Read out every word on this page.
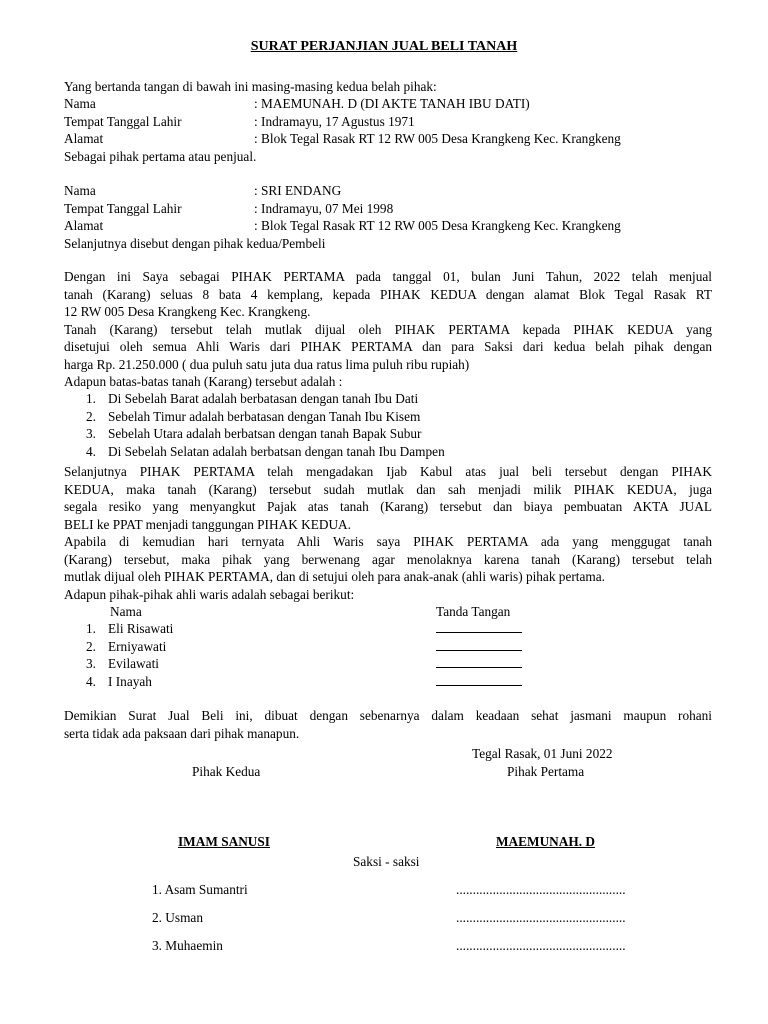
SURAT PERJANJIAN JUAL BELI TANAH
Yang bertanda tangan di bawah ini masing-masing kedua belah pihak:
Nama	: MAEMUNAH. D (DI AKTE TANAH IBU DATI)
Tempat Tanggal Lahir	: Indramayu, 17 Agustus 1971
Alamat	: Blok Tegal Rasak RT 12 RW 005 Desa Krangkeng Kec. Krangkeng
Sebagai pihak pertama atau penjual.
Nama	: SRI ENDANG
Tempat Tanggal Lahir	: Indramayu, 07 Mei 1998
Alamat	: Blok Tegal Rasak RT 12 RW 005 Desa Krangkeng Kec. Krangkeng
Selanjutnya disebut dengan pihak kedua/Pembeli
Dengan ini Saya sebagai PIHAK PERTAMA pada tanggal 01, bulan Juni Tahun, 2022 telah menjual
tanah (Karang) seluas 8 bata 4 kemplang, kepada PIHAK KEDUA dengan alamat Blok Tegal Rasak RT
12 RW 005 Desa Krangkeng Kec. Krangkeng.
Tanah (Karang) tersebut telah mutlak dijual oleh PIHAK PERTAMA kepada PIHAK KEDUA yang
disetujui oleh semua Ahli Waris dari PIHAK PERTAMA dan para Saksi dari kedua belah pihak dengan
harga Rp. 21.250.000 ( dua puluh satu juta dua ratus lima puluh ribu rupiah)
Adapun batas-batas tanah (Karang) tersebut adalah :
1. Di Sebelah Barat adalah berbatasan dengan tanah Ibu Dati
2. Sebelah Timur adalah berbatasan dengan Tanah Ibu Kisem
3. Sebelah Utara adalah berbatsan dengan tanah Bapak Subur
4. Di Sebelah Selatan adalah berbatsan dengan tanah Ibu Dampen
Selanjutnya PIHAK PERTAMA telah mengadakan Ijab Kabul atas jual beli tersebut dengan PIHAK
KEDUA, maka tanah (Karang) tersebut sudah mutlak dan sah menjadi milik PIHAK KEDUA, juga
segala resiko yang menyangkut Pajak atas tanah (Karang) tersebut dan biaya pembuatan AKTA JUAL
BELI ke PPAT menjadi tanggungan PIHAK KEDUA.
Apabila di kemudian hari ternyata Ahli Waris saya PIHAK PERTAMA ada yang menggugat tanah
(Karang) tersebut, maka pihak yang berwenang agar menolaknya karena tanah (Karang) tersebut telah
mutlak dijual oleh PIHAK PERTAMA, dan di setujui oleh para anak-anak (ahli waris) pihak pertama.
Adapun pihak-pihak ahli waris adalah sebagai berikut:
Nama	Tanda Tangan
1. Eli Risawati
2. Erniyawati
3. Evilawati
4. I Inayah
Demikian Surat Jual Beli ini, dibuat dengan sebenarnya dalam keadaan sehat jasmani maupun rohani
serta tidak ada paksaan dari pihak manapun.
Tegal Rasak, 01 Juni 2022
Pihak Kedua	Pihak Pertama
IMAM SANUSI	MAEMUNAH. D
Saksi - saksi
1. Asam Sumantri	...................................................
2. Usman	...................................................
3. Muhaemin	...................................................
